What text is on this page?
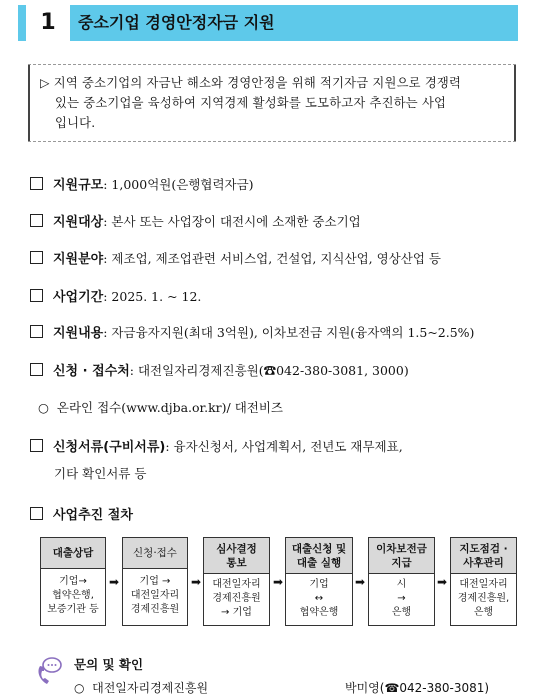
1	중소기업 경영안정자금 지원
▷ 지역 중소기업의 자금난 해소와 경영안정을 위해 적기자금 지원으로 경쟁력
있는 중소기업을 육성하여 지역경제 활성화를 도모하고자 추진하는 사업
입니다.
지원규모: 1,000억원(은행협력자금)
지원대상: 본사 또는 사업장이 대전시에 소재한 중소기업
지원분야: 제조업, 제조업관련 서비스업, 건설업, 지식산업, 영상산업 등
사업기간: 2025. 1. ~ 12.
지원내용: 자금융자지원(최대 3억원), 이차보전금 지원(융자액의 1.5~2.5%)
신청 · 접수처: 대전일자리경제진흥원(☎042-380-3081, 3000)
○ 온라인 접수(www.djba.or.kr)/ 대전비즈
신청서류(구비서류): 융자신청서, 사업계획서, 전년도 재무제표,
기타 확인서류 등
사업추진 절차
대출상담
기업→
협약은행,
보증기관 등
➡
신청·접수
기업 →
대전일자리
경제진흥원
➡
심사결정
통보
대전일자리
경제진흥원
→ 기업
➡
대출신청 및
대출 실행
기업
↔
협약은행
➡
이차보전금
지급
시
→
은행
➡
지도점검 ·
사후관리
대전일자리
경제진흥원,
은행
문의 및 확인
○ 대전일자리경제진흥원	박미영(☎042-380-3081)
